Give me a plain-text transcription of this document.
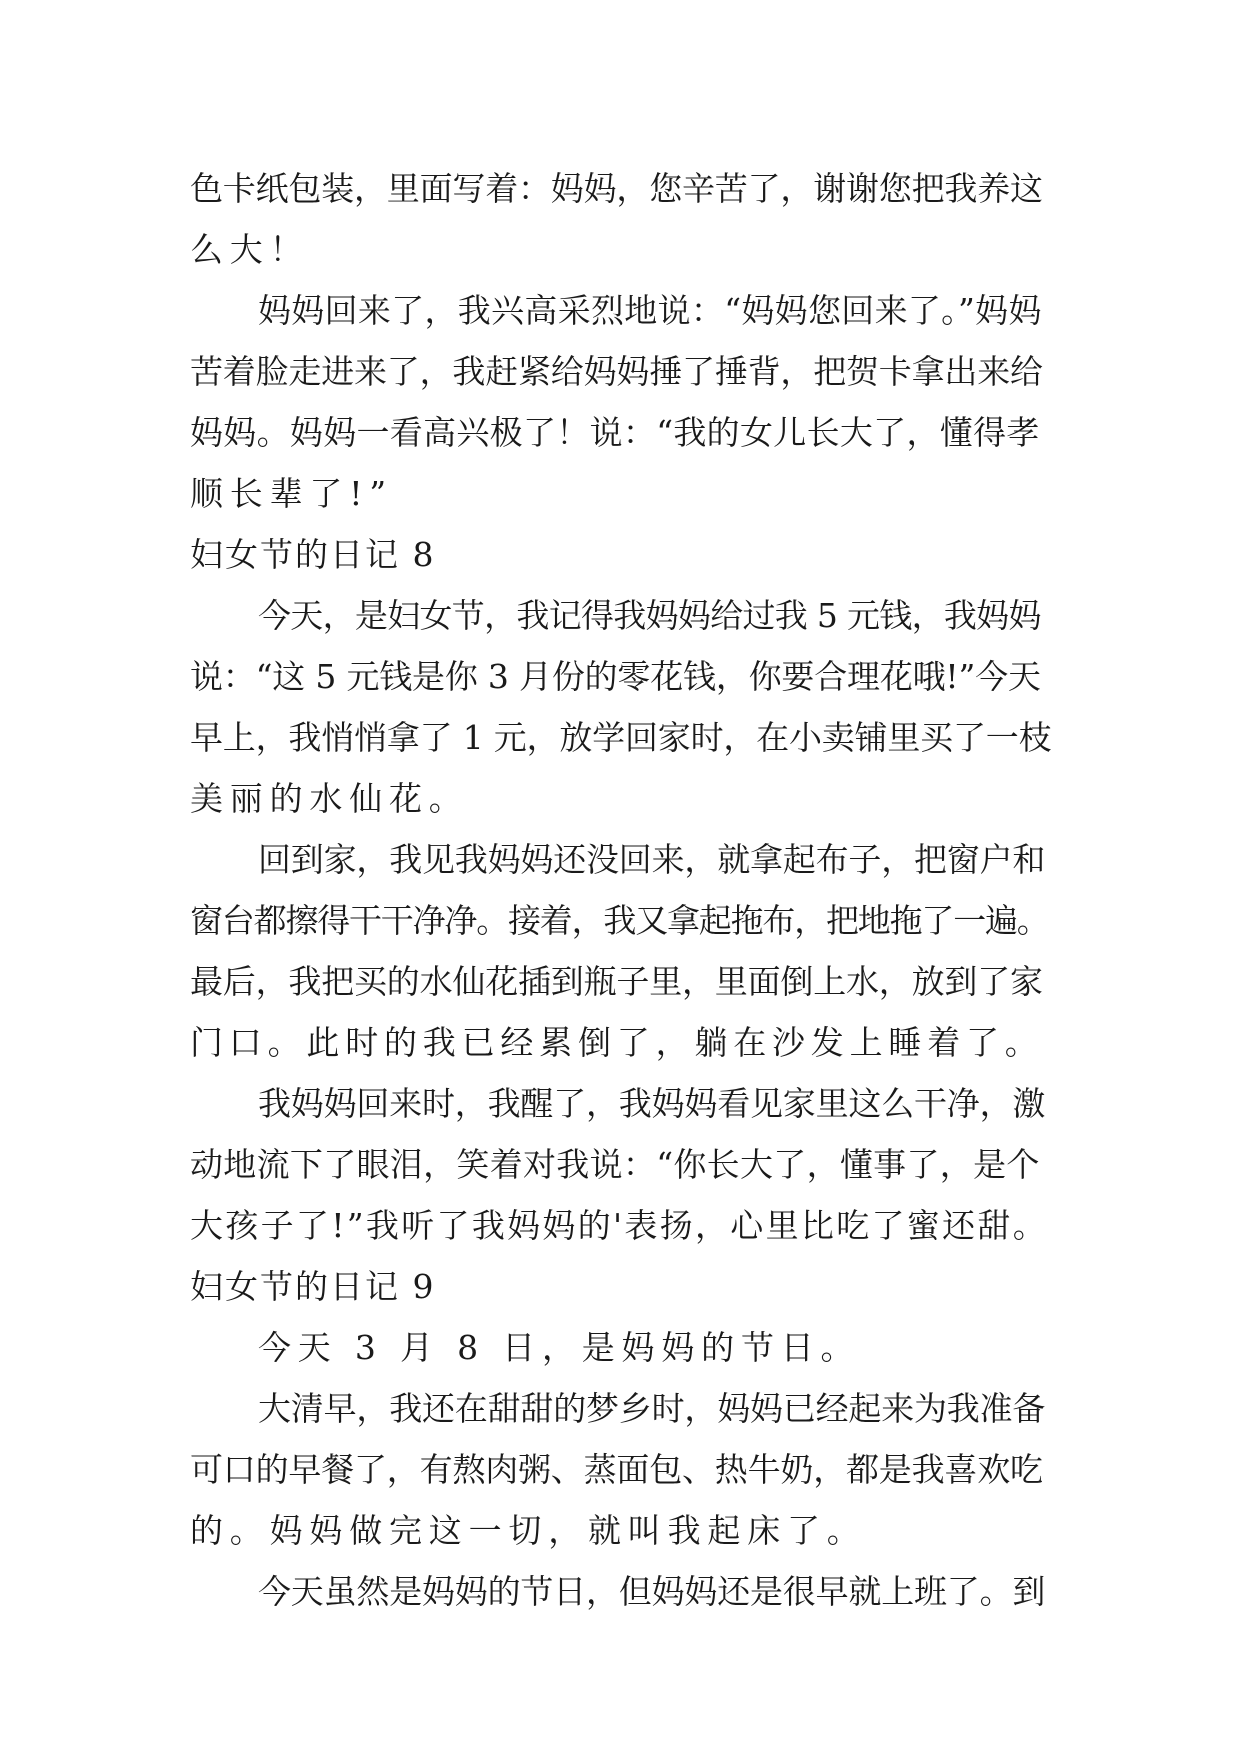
色卡纸包装，里面写着：妈妈，您辛苦了，谢谢您把我养这
么大！
妈妈回来了，我兴高采烈地说：“妈妈您回来了。”妈妈
苦着脸走进来了，我赶紧给妈妈捶了捶背，把贺卡拿出来给
妈妈。妈妈一看高兴极了！说：“我的女儿长大了，懂得孝
顺长辈了!”
妇女节的日记 8
今天，是妇女节，我记得我妈妈给过我 5 元钱，我妈妈
说：“这 5 元钱是你 3 月份的零花钱，你要合理花哦!”今天
早上，我悄悄拿了 1 元，放学回家时，在小卖铺里买了一枝
美丽的水仙花。
回到家，我见我妈妈还没回来，就拿起布子，把窗户和
窗台都擦得干干净净。接着，我又拿起拖布，把地拖了一遍。
最后，我把买的水仙花插到瓶子里，里面倒上水，放到了家
门口。此时的我已经累倒了，躺在沙发上睡着了。
我妈妈回来时，我醒了，我妈妈看见家里这么干净，激
动地流下了眼泪，笑着对我说：“你长大了，懂事了，是个
大孩子了!”我听了我妈妈的'表扬，心里比吃了蜜还甜。
妇女节的日记 9
今天 3 月 8 日，是妈妈的节日。
大清早，我还在甜甜的梦乡时，妈妈已经起来为我准备
可口的早餐了，有熬肉粥、蒸面包、热牛奶，都是我喜欢吃
的。妈妈做完这一切，就叫我起床了。
今天虽然是妈妈的节日，但妈妈还是很早就上班了。到
